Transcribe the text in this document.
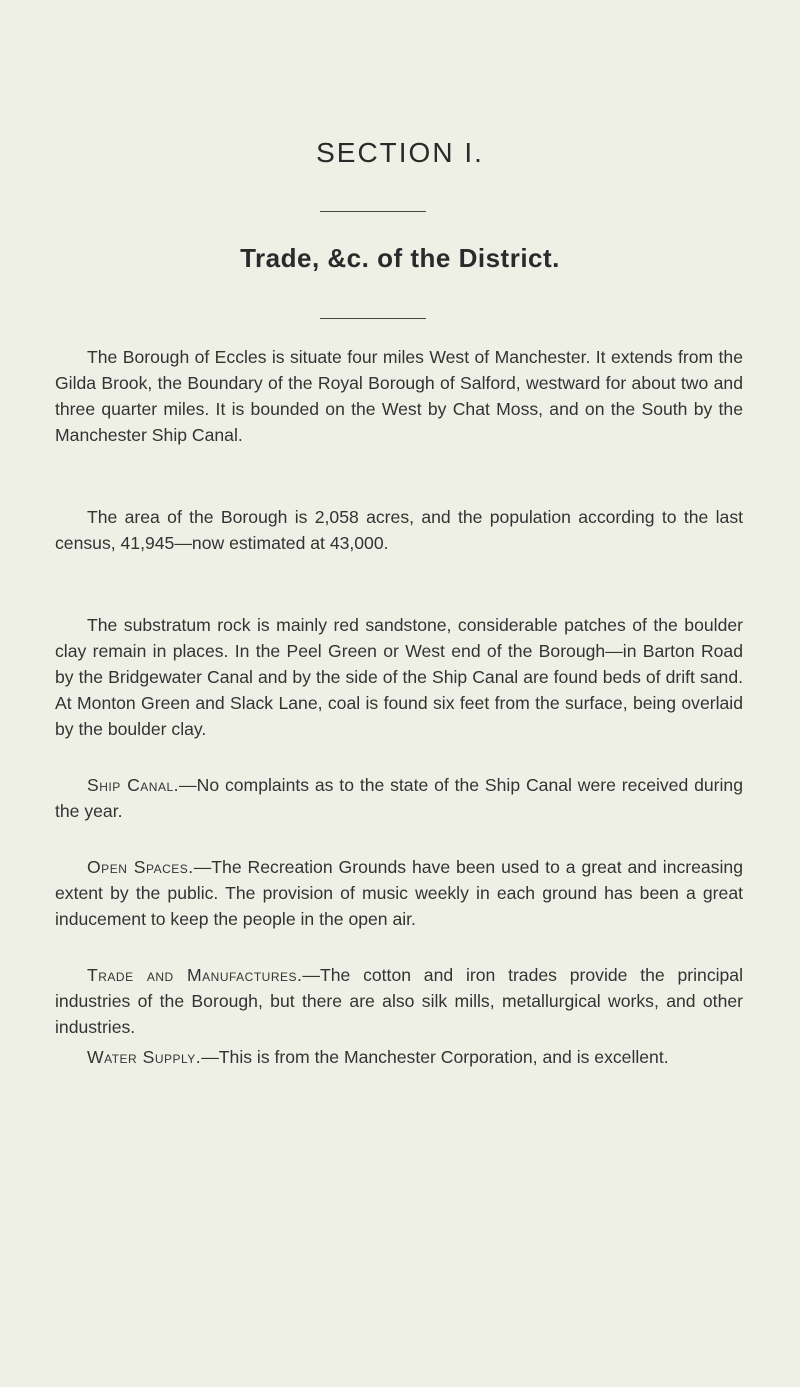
SECTION I.
Trade, &c. of the District.

The Borough of Eccles is situate four miles West of Manchester. It extends from the Gilda Brook, the Boundary of the Royal Borough of Salford, westward for about two and three quarter miles. It is bounded on the West by Chat Moss, and on the South by the Manchester Ship Canal.

The area of the Borough is 2,058 acres, and the population according to the last census, 41,945—now estimated at 43,000.

The substratum rock is mainly red sandstone, considerable patches of the boulder clay remain in places. In the Peel Green or West end of the Borough—in Barton Road by the Bridgewater Canal and by the side of the Ship Canal are found beds of drift sand. At Monton Green and Slack Lane, coal is found six feet from the surface, being overlaid by the boulder clay.

Ship Canal.—No complaints as to the state of the Ship Canal were received during the year.

Open Spaces.—The Recreation Grounds have been used to a great and increasing extent by the public. The provision of music weekly in each ground has been a great inducement to keep the people in the open air.

Trade and Manufactures.—The cotton and iron trades provide the principal industries of the Borough, but there are also silk mills, metallurgical works, and other industries.

Water Supply.—This is from the Manchester Corporation, and is excellent.
